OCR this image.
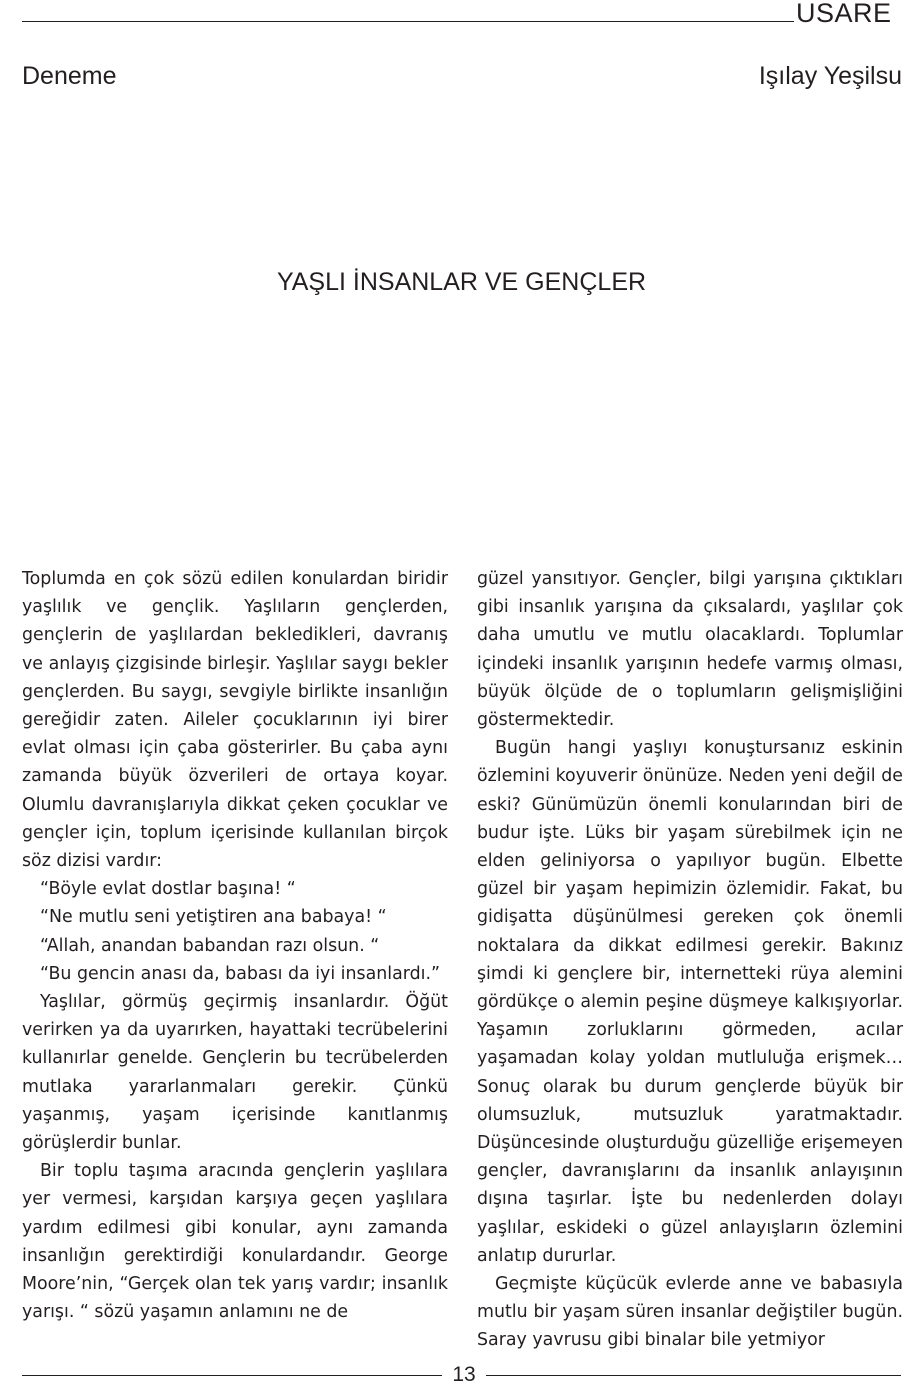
USARE
Deneme	Işılay Yeşilsu
YAŞLI İNSANLAR VE GENÇLER

Toplumda en çok sözü edilen konulardan biridir yaşlılık ve gençlik. Yaşlıların gençlerden, gençlerin de yaşlılardan bekledikleri, davranış ve anlayış çizgisinde birleşir. Yaşlılar saygı bekler gençlerden. Bu saygı, sevgiyle birlikte insanlığın gereğidir zaten. Aileler çocuklarının iyi birer evlat olması için çaba gösterirler. Bu çaba aynı zamanda büyük özverileri de ortaya koyar. Olumlu davranışlarıyla dikkat çeken çocuklar ve gençler için, toplum içerisinde kullanılan birçok söz dizisi vardır:

“Böyle evlat dostlar başına! “

“Ne mutlu seni yetiştiren ana babaya! “

“Allah, anandan babandan razı olsun. “

“Bu gencin anası da, babası da iyi insanlardı.”

Yaşlılar, görmüş geçirmiş insanlardır. Öğüt verirken ya da uyarırken, hayattaki tecrübelerini kullanırlar genelde. Gençlerin bu tecrübelerden mutlaka yararlanmaları gerekir. Çünkü yaşanmış, yaşam içerisinde kanıtlanmış görüşlerdir bunlar.

Bir toplu taşıma aracında gençlerin yaşlılara yer vermesi, karşıdan karşıya geçen yaşlılara yardım edilmesi gibi konular, aynı zamanda insanlığın gerektirdiği konulardandır. George Moore’nin, “Gerçek olan tek yarış vardır; insanlık yarışı. “ sözü yaşamın anlamını ne de

güzel yansıtıyor. Gençler, bilgi yarışına çıktıkları gibi insanlık yarışına da çıksalardı, yaşlılar çok daha umutlu ve mutlu olacaklardı. Toplumlar içindeki insanlık yarışının hedefe varmış olması, büyük ölçüde de o toplumların gelişmişliğini göstermektedir.

Bugün hangi yaşlıyı konuştursanız eskinin özlemini koyuverir önünüze. Neden yeni değil de eski? Günümüzün önemli konularından biri de budur işte. Lüks bir yaşam sürebilmek için ne elden geliniyorsa o yapılıyor bugün. Elbette güzel bir yaşam hepimizin özlemidir. Fakat, bu gidişatta düşünülmesi gereken çok önemli noktalara da dikkat edilmesi gerekir. Bakınız şimdi ki gençlere bir, internetteki rüya alemini gördükçe o alemin peşine düşmeye kalkışıyorlar. Yaşamın zorluklarını görmeden, acılar yaşamadan kolay yoldan mutluluğa erişmek… Sonuç olarak bu durum gençlerde büyük bir olumsuzluk, mutsuzluk yaratmaktadır. Düşüncesinde oluşturduğu güzelliğe erişemeyen gençler, davranışlarını da insanlık anlayışının dışına taşırlar. İşte bu nedenlerden dolayı yaşlılar, eskideki o güzel anlayışların özlemini anlatıp dururlar.

Geçmişte küçücük evlerde anne ve babasıyla mutlu bir yaşam süren insanlar değiştiler bugün. Saray yavrusu gibi binalar bile yetmiyor

13
